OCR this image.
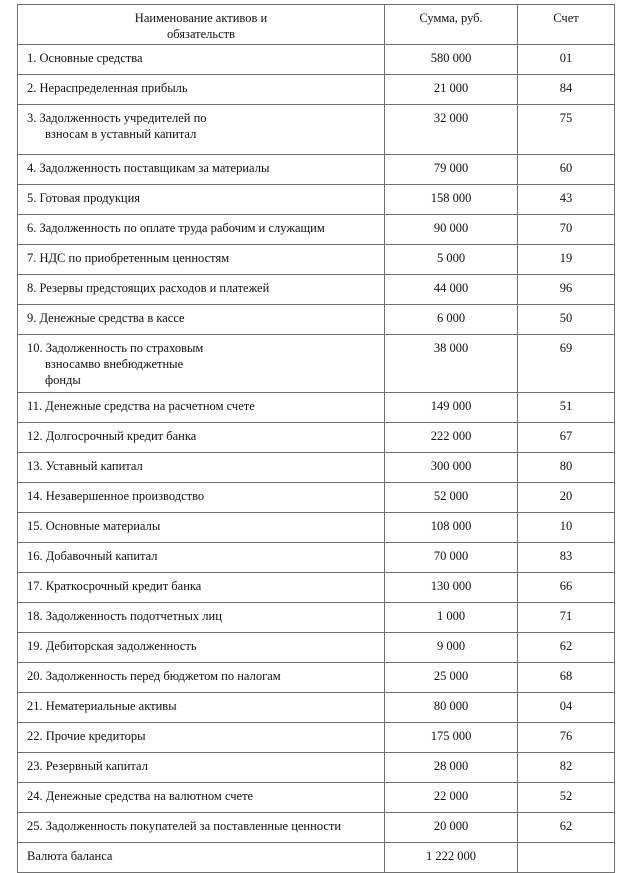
Наименование активов и
обязательств	Сумма, руб.	Счет
1. Основные средства	580 000	01
2. Нераспределенная прибыль	21 000	84

3. Задолженность учредителей по
взносам в уставный капитал	32 000	75
4. Задолженность поставщикам за материалы	79 000	60
5. Готовая продукция	158 000	43
6. Задолженность по оплате труда рабочим и служащим	90 000	70
7. НДС по приобретенным ценностям	5 000	19
8. Резервы предстоящих расходов и платежей	44 000	96
9. Денежные средства в кассе	6 000	50

10. Задолженность по страховым
взносамво внебюджетные
фонды	38 000	69
11. Денежные средства на расчетном счете	149 000	51
12. Долгосрочный кредит банка	222 000	67
13. Уставный капитал	300 000	80
14. Незавершенное производство	52 000	20
15. Основные материалы	108 000	10
16. Добавочный капитал	70 000	83
17. Краткосрочный кредит банка	130 000	66
18. Задолженность подотчетных лиц	1 000	71
19. Дебиторская задолженность	9 000	62
20. Задолженность перед бюджетом по налогам	25 000	68
21. Нематериальные активы	80 000	04
22. Прочие кредиторы	175 000	76
23. Резервный капитал	28 000	82
24. Денежные средства на валютном счете	22 000	52
25. Задолженность покупателей за поставленные ценности	20 000	62
Валюта баланса	1 222 000	
